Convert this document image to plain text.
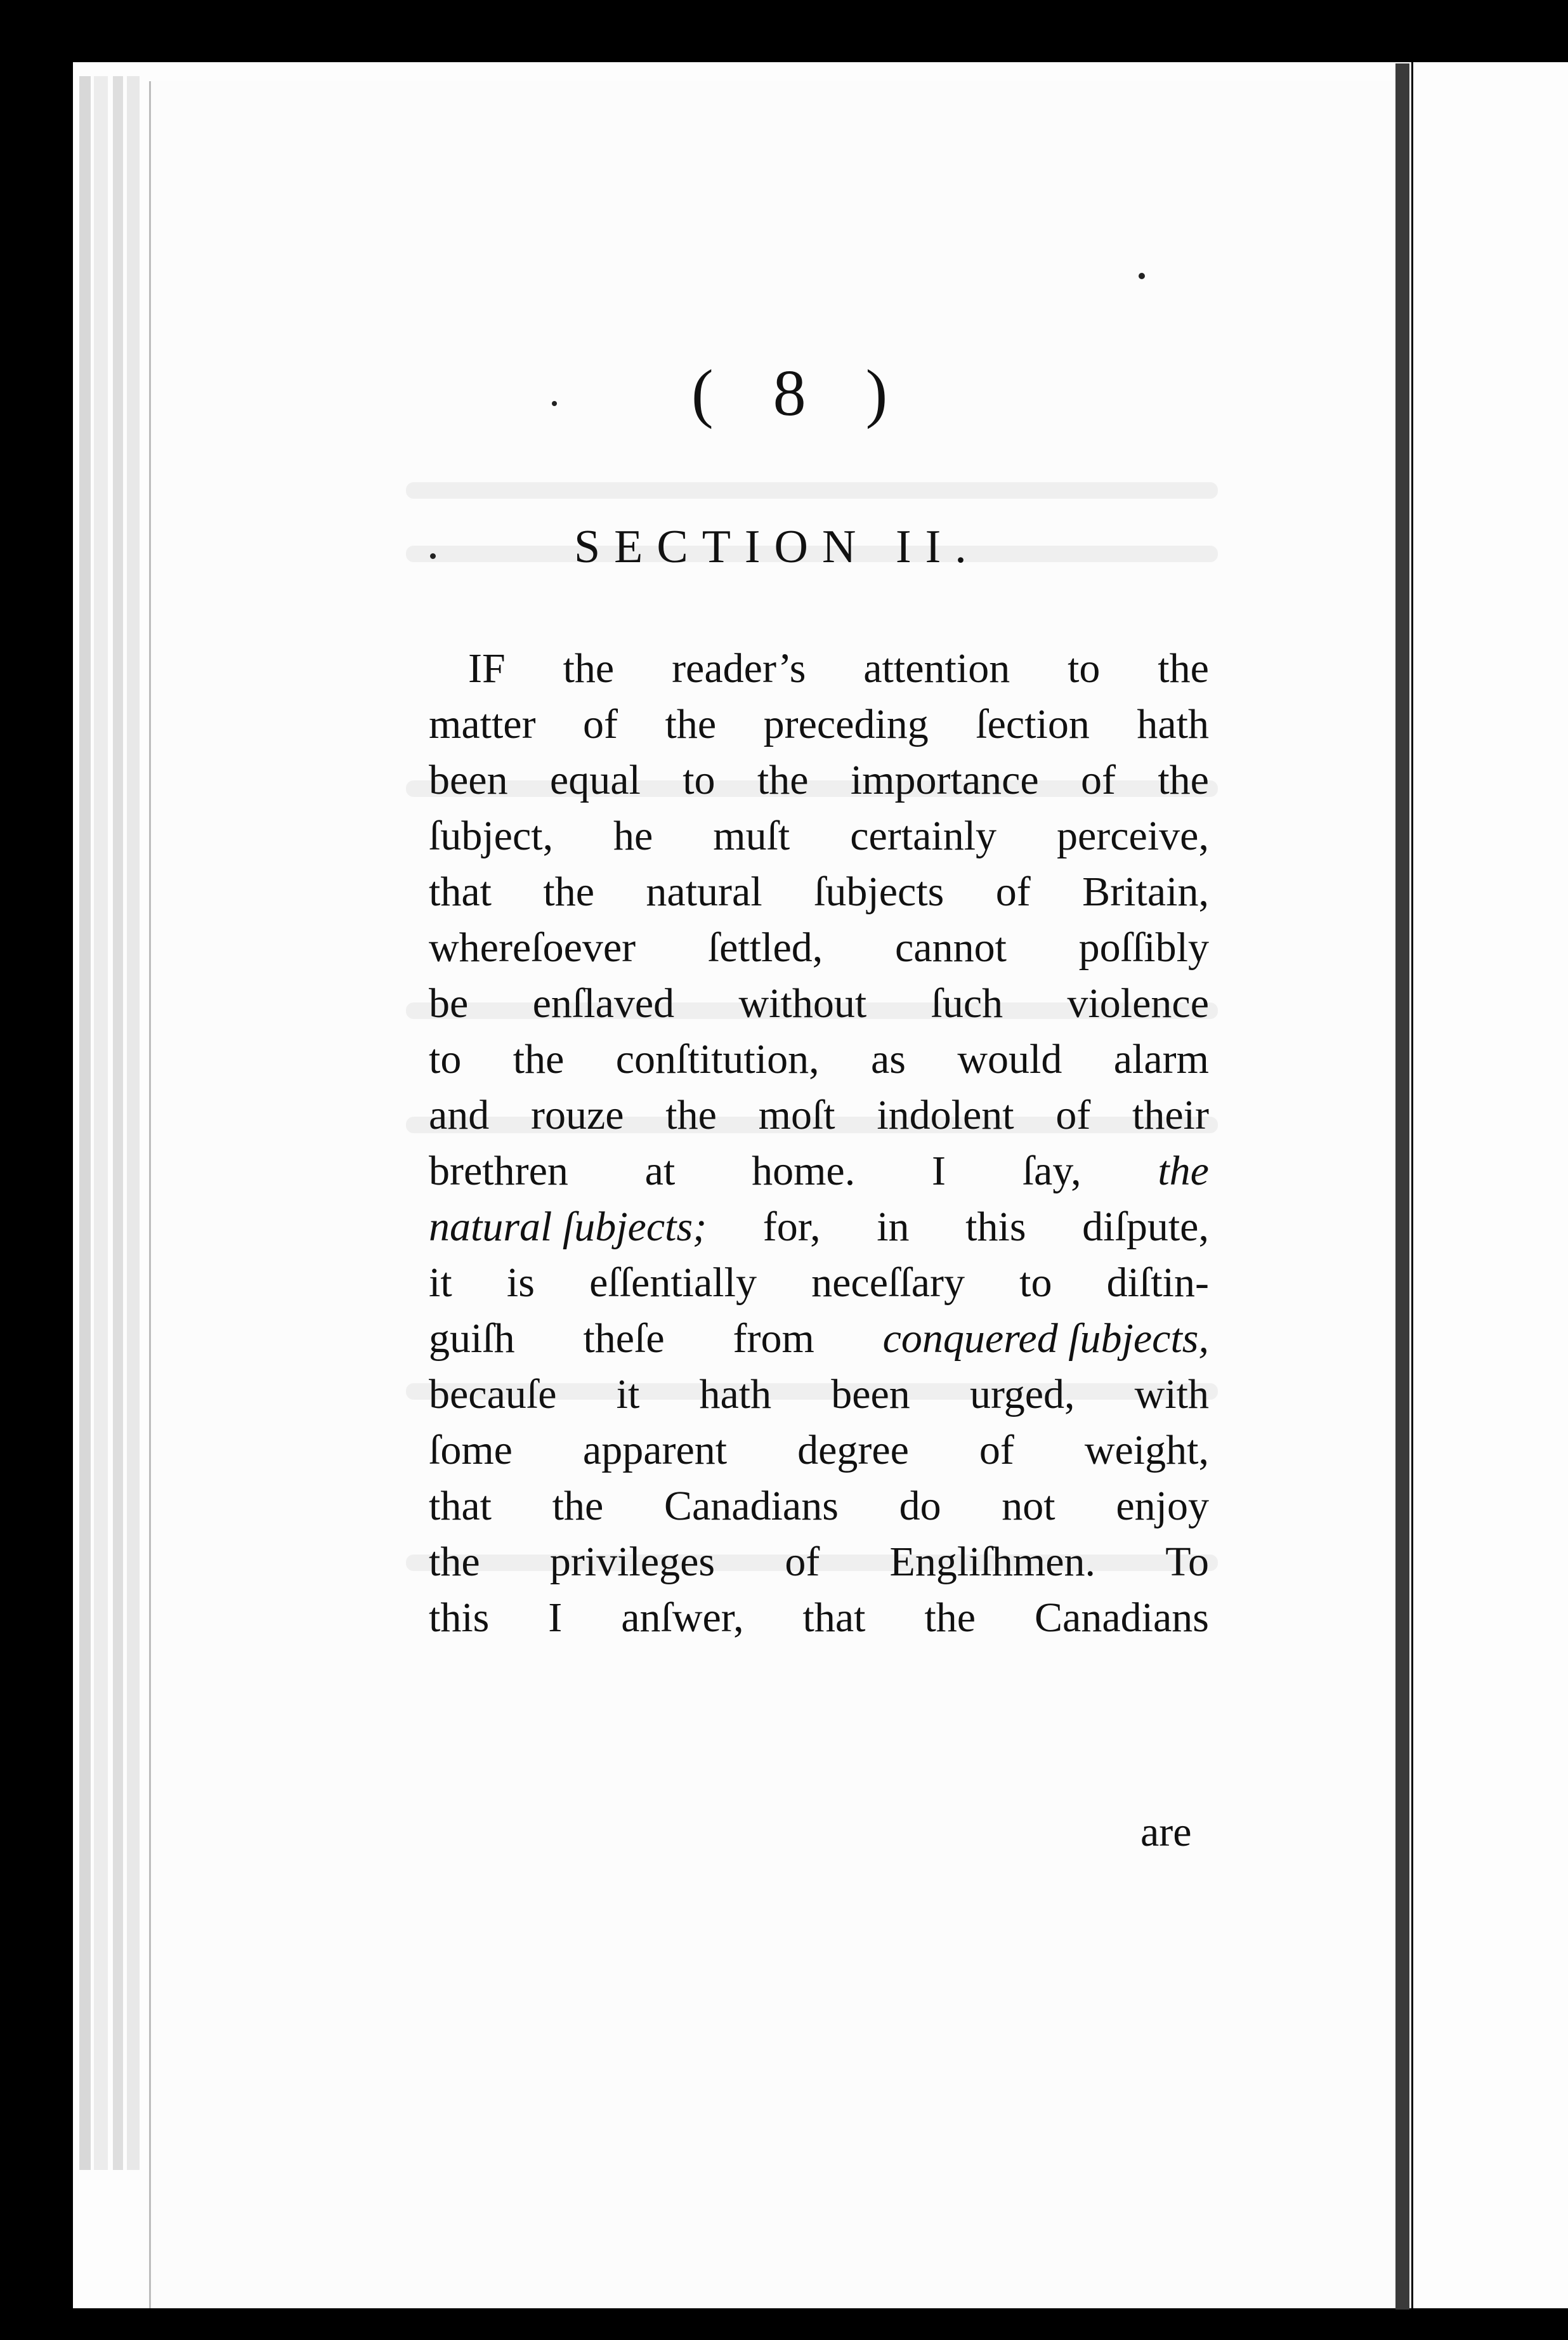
( 8 )
SECTION II.
IF the reader’s attention to the
matter of the preceding ſection hath
been equal to the importance of the
ſubject, he muſt certainly perceive,
that the natural ſubjects of Britain,
whereſoever ſettled, cannot poſſibly
be enſlaved without ſuch violence
to the conſtitution, as would alarm
and rouze the moſt indolent of their
brethren at home. I ſay, the
natural ſubjects; for, in this diſpute,
it is eſſentially neceſſary to diſtin-
guiſh theſe from conquered ſubjects,
becauſe it hath been urged, with
ſome apparent degree of weight,
that the Canadians do not enjoy
the privileges of Engliſhmen. To
this I anſwer, that the Canadians
are
